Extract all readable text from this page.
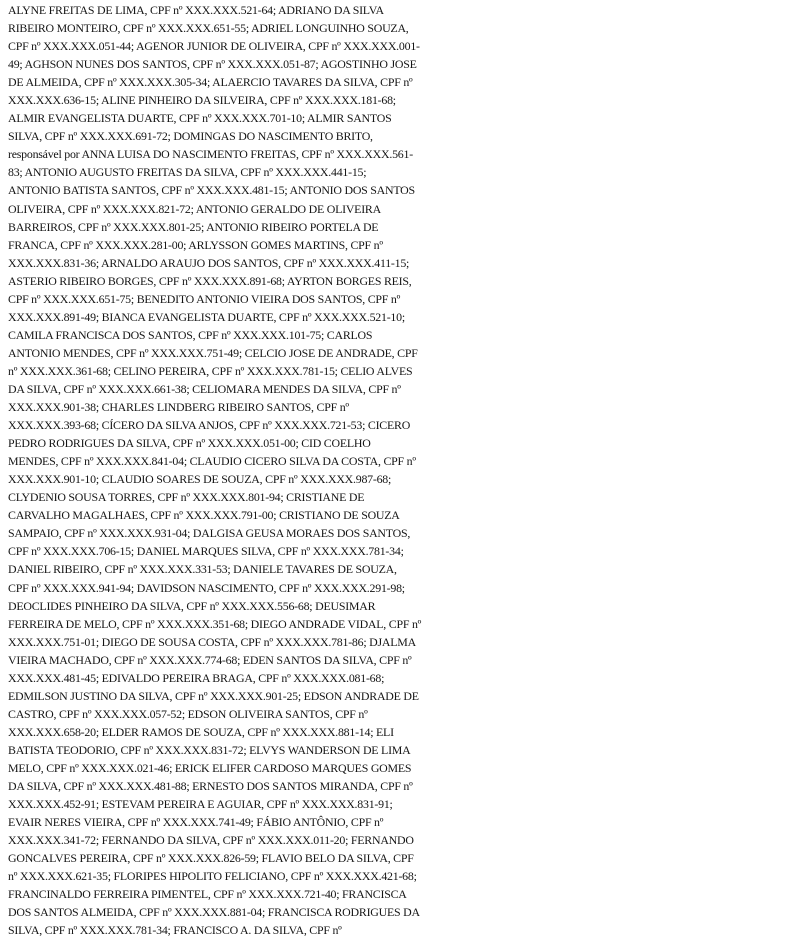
ALYNE FREITAS DE LIMA, CPF nº XXX.XXX.521-64; ADRIANO DA SILVA
RIBEIRO MONTEIRO, CPF nº XXX.XXX.651-55; ADRIEL LONGUINHO SOUZA,
CPF nº XXX.XXX.051-44; AGENOR JUNIOR DE OLIVEIRA, CPF nº XXX.XXX.001-
49; AGHSON NUNES DOS SANTOS, CPF nº XXX.XXX.051-87; AGOSTINHO JOSE
DE ALMEIDA, CPF nº XXX.XXX.305-34; ALAERCIO TAVARES DA SILVA, CPF nº
XXX.XXX.636-15; ALINE PINHEIRO DA SILVEIRA, CPF nº XXX.XXX.181-68;
ALMIR EVANGELISTA DUARTE, CPF nº XXX.XXX.701-10; ALMIR SANTOS
SILVA, CPF nº XXX.XXX.691-72; DOMINGAS DO NASCIMENTO BRITO,
responsável por ANNA LUISA DO NASCIMENTO FREITAS, CPF nº XXX.XXX.561-
83; ANTONIO AUGUSTO FREITAS DA SILVA, CPF nº XXX.XXX.441-15;
ANTONIO BATISTA SANTOS, CPF nº XXX.XXX.481-15; ANTONIO DOS SANTOS
OLIVEIRA, CPF nº XXX.XXX.821-72; ANTONIO GERALDO DE OLIVEIRA
BARREIROS, CPF nº XXX.XXX.801-25; ANTONIO RIBEIRO PORTELA DE
FRANCA, CPF nº XXX.XXX.281-00; ARLYSSON GOMES MARTINS, CPF nº
XXX.XXX.831-36; ARNALDO ARAUJO DOS SANTOS, CPF nº XXX.XXX.411-15;
ASTERIO RIBEIRO BORGES, CPF nº XXX.XXX.891-68; AYRTON BORGES REIS,
CPF nº XXX.XXX.651-75; BENEDITO ANTONIO VIEIRA DOS SANTOS, CPF nº
XXX.XXX.891-49; BIANCA EVANGELISTA DUARTE, CPF nº XXX.XXX.521-10;
CAMILA FRANCISCA DOS SANTOS, CPF nº XXX.XXX.101-75; CARLOS
ANTONIO MENDES, CPF nº XXX.XXX.751-49; CELCIO JOSE DE ANDRADE, CPF
nº XXX.XXX.361-68; CELINO PEREIRA, CPF nº XXX.XXX.781-15; CELIO ALVES
DA SILVA, CPF nº XXX.XXX.661-38; CELIOMARA MENDES DA SILVA, CPF nº
XXX.XXX.901-38; CHARLES LINDBERG RIBEIRO SANTOS, CPF nº
XXX.XXX.393-68; CÍCERO DA SILVA ANJOS, CPF nº XXX.XXX.721-53; CICERO
PEDRO RODRIGUES DA SILVA, CPF nº XXX.XXX.051-00; CID COELHO
MENDES, CPF nº XXX.XXX.841-04; CLAUDIO CICERO SILVA DA COSTA, CPF nº
XXX.XXX.901-10; CLAUDIO SOARES DE SOUZA, CPF nº XXX.XXX.987-68;
CLYDENIO SOUSA TORRES, CPF nº XXX.XXX.801-94; CRISTIANE DE
CARVALHO MAGALHAES, CPF nº XXX.XXX.791-00; CRISTIANO DE SOUZA
SAMPAIO, CPF nº XXX.XXX.931-04; DALGISA GEUSA MORAES DOS SANTOS,
CPF nº XXX.XXX.706-15; DANIEL MARQUES SILVA, CPF nº XXX.XXX.781-34;
DANIEL RIBEIRO, CPF nº XXX.XXX.331-53; DANIELE TAVARES DE SOUZA,
CPF nº XXX.XXX.941-94; DAVIDSON NASCIMENTO, CPF nº XXX.XXX.291-98;
DEOCLIDES PINHEIRO DA SILVA, CPF nº XXX.XXX.556-68; DEUSIMAR
FERREIRA DE MELO, CPF nº XXX.XXX.351-68; DIEGO ANDRADE VIDAL, CPF nº
XXX.XXX.751-01; DIEGO DE SOUSA COSTA, CPF nº XXX.XXX.781-86; DJALMA
VIEIRA MACHADO, CPF nº XXX.XXX.774-68; EDEN SANTOS DA SILVA, CPF nº
XXX.XXX.481-45; EDIVALDO PEREIRA BRAGA, CPF nº XXX.XXX.081-68;
EDMILSON JUSTINO DA SILVA, CPF nº XXX.XXX.901-25; EDSON ANDRADE DE
CASTRO, CPF nº XXX.XXX.057-52; EDSON OLIVEIRA SANTOS, CPF nº
XXX.XXX.658-20; ELDER RAMOS DE SOUZA, CPF nº XXX.XXX.881-14; ELI
BATISTA TEODORIO, CPF nº XXX.XXX.831-72; ELVYS WANDERSON DE LIMA
MELO, CPF nº XXX.XXX.021-46; ERICK ELIFER CARDOSO MARQUES GOMES
DA SILVA, CPF nº XXX.XXX.481-88; ERNESTO DOS SANTOS MIRANDA, CPF nº
XXX.XXX.452-91; ESTEVAM PEREIRA E AGUIAR, CPF nº XXX.XXX.831-91;
EVAIR NERES VIEIRA, CPF nº XXX.XXX.741-49; FÁBIO ANTÔNIO, CPF nº
XXX.XXX.341-72; FERNANDO DA SILVA, CPF nº XXX.XXX.011-20; FERNANDO
GONCALVES PEREIRA, CPF nº XXX.XXX.826-59; FLAVIO BELO DA SILVA, CPF
nº XXX.XXX.621-35; FLORIPES HIPOLITO FELICIANO, CPF nº XXX.XXX.421-68;
FRANCINALDO FERREIRA PIMENTEL, CPF nº XXX.XXX.721-40; FRANCISCA
DOS SANTOS ALMEIDA, CPF nº XXX.XXX.881-04; FRANCISCA RODRIGUES DA
SILVA, CPF nº XXX.XXX.781-34; FRANCISCO A. DA SILVA, CPF nº
